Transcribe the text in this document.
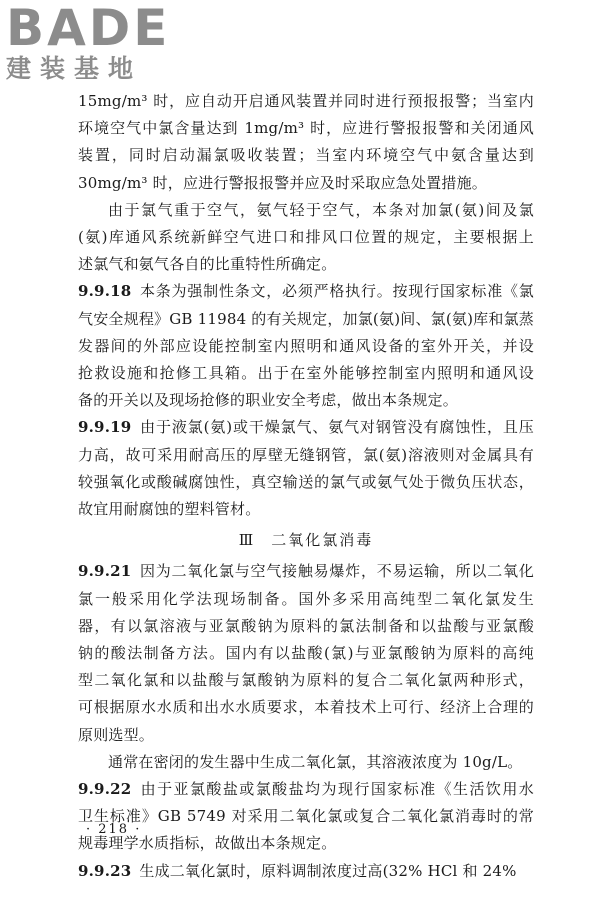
BADE
建装基地
15mg/m³ 时，应自动开启通风装置并同时进行预报报警；当室内
环境空气中氯含量达到 1mg/m³ 时，应进行警报报警和关闭通风
装置，同时启动漏氯吸收装置；当室内环境空气中氨含量达到
30mg/m³ 时，应进行警报报警并应及时采取应急处置措施。
由于氯气重于空气，氨气轻于空气，本条对加氯(氨)间及氯
(氨)库通风系统新鲜空气进口和排风口位置的规定，主要根据上
述氯气和氨气各自的比重特性所确定。
9.9.18 本条为强制性条文，必须严格执行。按现行国家标准《氯
气安全规程》GB 11984 的有关规定，加氯(氨)间、氯(氨)库和氯蒸
发器间的外部应设能控制室内照明和通风设备的室外开关，并设
抢救设施和抢修工具箱。出于在室外能够控制室内照明和通风设
备的开关以及现场抢修的职业安全考虑，做出本条规定。
9.9.19 由于液氯(氨)或干燥氯气、氨气对钢管没有腐蚀性，且压
力高，故可采用耐高压的厚壁无缝钢管，氯(氨)溶液则对金属具有
较强氧化或酸碱腐蚀性，真空输送的氯气或氨气处于微负压状态，
故宜用耐腐蚀的塑料管材。
Ⅲ 二氧化氯消毒
9.9.21 因为二氧化氯与空气接触易爆炸，不易运输，所以二氧化
氯一般采用化学法现场制备。国外多采用高纯型二氧化氯发生
器，有以氯溶液与亚氯酸钠为原料的氯法制备和以盐酸与亚氯酸
钠的酸法制备方法。国内有以盐酸(氯)与亚氯酸钠为原料的高纯
型二氧化氯和以盐酸与氯酸钠为原料的复合二氧化氯两种形式，
可根据原水水质和出水水质要求，本着技术上可行、经济上合理的
原则选型。
通常在密闭的发生器中生成二氧化氯，其溶液浓度为 10g/L。
9.9.22 由于亚氯酸盐或氯酸盐均为现行国家标准《生活饮用水
卫生标准》GB 5749 对采用二氧化氯或复合二氧化氯消毒时的常
规毒理学水质指标，故做出本条规定。
9.9.23 生成二氧化氯时，原料调制浓度过高(32% HCl 和 24%
· 218 ·
